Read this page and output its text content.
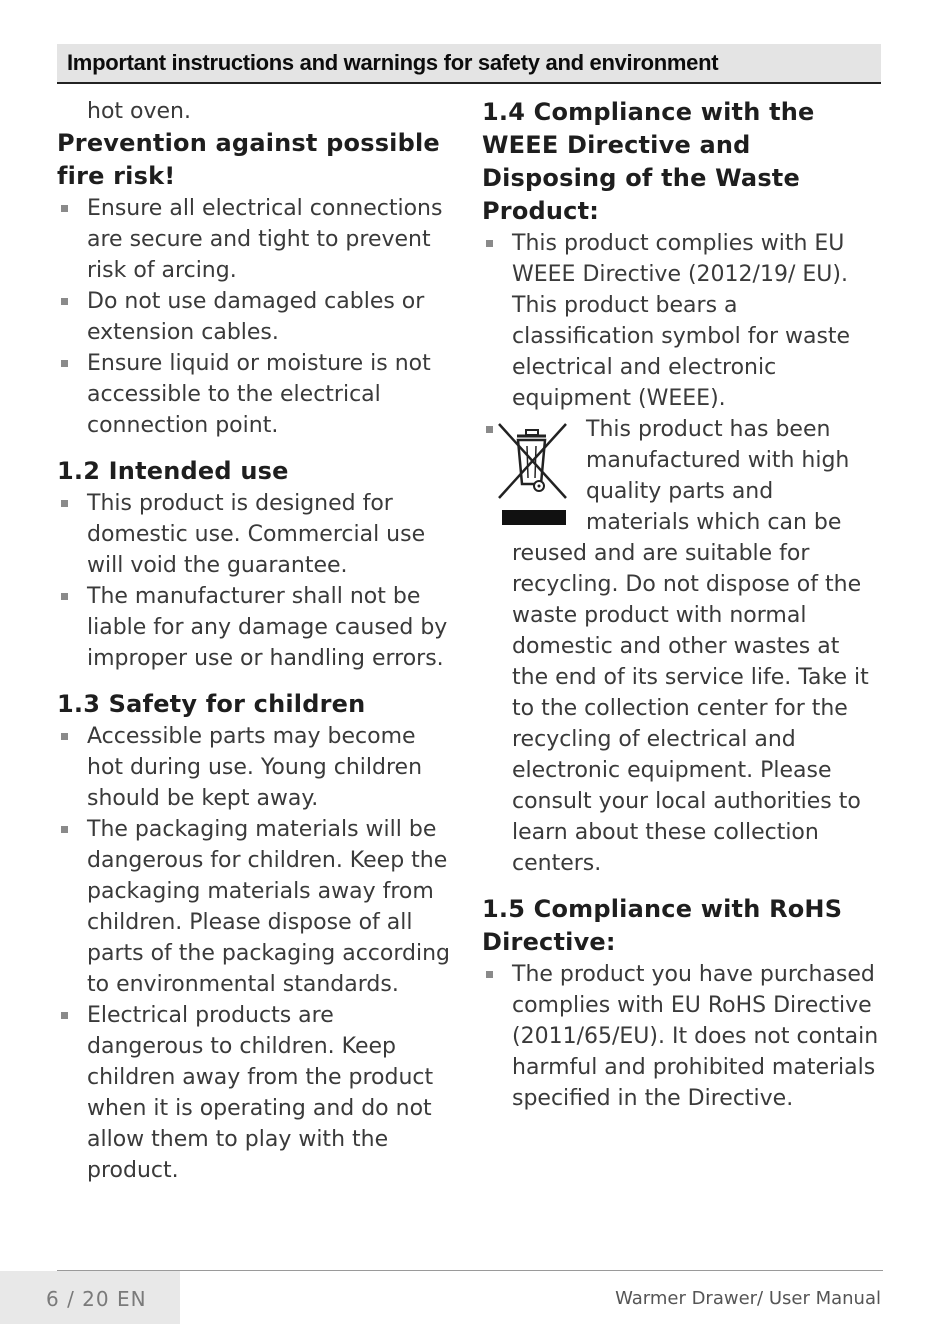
Important instructions and warnings for safety and environment

hot oven.

Prevention against possible fire risk!
Ensure all electrical connections are secure and tight to prevent risk of arcing.
Do not use damaged cables or extension cables.
Ensure liquid or moisture is not accessible to the electrical connection point.
1.2 Intended use
This product is designed for domestic use. Commercial use will void the guarantee.
The manufacturer shall not be liable for any damage caused by improper use or handling errors.
1.3 Safety for children
Accessible parts may become hot during use. Young children should be kept away.
The packaging materials will be dangerous for children. Keep the packaging materials away from children. Please dispose of all parts of the packaging according to environmental standards.
Electrical products are dangerous to children. Keep children away from the product when it is operating and do not allow them to play with the product.
1.4 Compliance with the WEEE Directive and Disposing of the Waste Product:
This product complies with EU WEEE Directive (2012/19/ EU). This product bears a classification symbol for waste electrical and electronic equipment (WEEE).
This product has been manufactured with high quality parts and materials which can be reused and are suitable for recycling. Do not dispose of the waste product with normal domestic and other wastes at the end of its service life. Take it to the collection center for the recycling of electrical and electronic equipment. Please consult your local authorities to learn about these collection centers.
1.5 Compliance with RoHS Directive:
The product you have purchased complies with EU RoHS Directive (2011/65/EU). It does not contain harmful and prohibited materials specified in the Directive.
6 / 20 EN	Warmer Drawer/ User Manual
